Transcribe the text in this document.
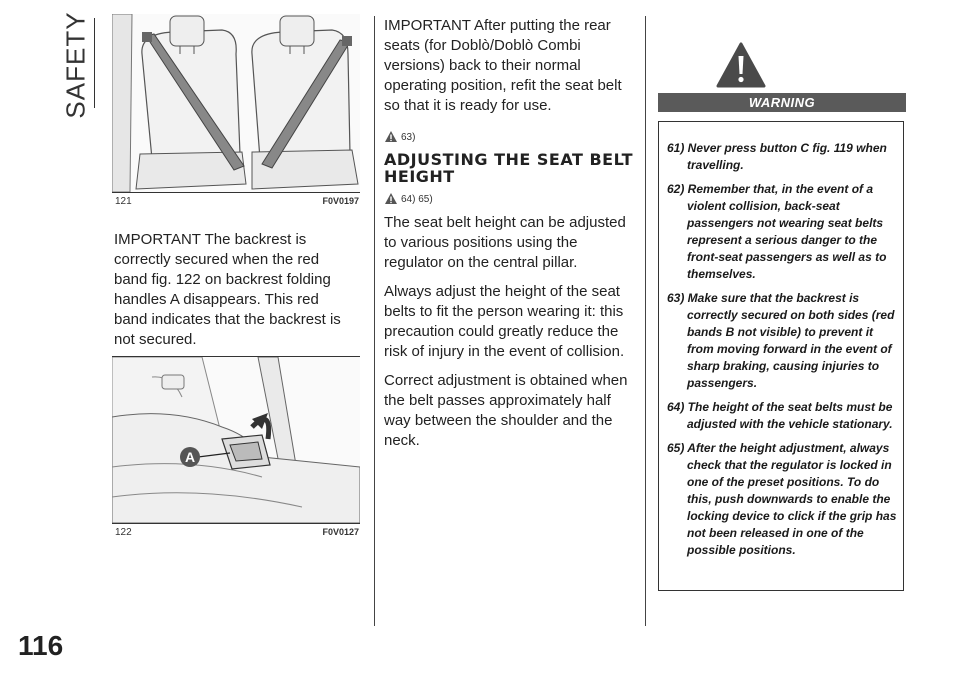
SAFETY
116
121	F0V0197

IMPORTANT The backrest is correctly secured when the red band fig. 122 on backrest folding handles A disappears. This red band indicates that the backrest is not secured.

A
122	F0V0127

IMPORTANT After putting the rear seats (for Doblò/Doblò Combi versions) back to their normal operating position, refit the seat belt so that it is ready for use.

63)
ADJUSTING THE SEAT BELT HEIGHT
64) 65)

The seat belt height can be adjusted to various positions using the regulator on the central pillar.

Always adjust the height of the seat belts to fit the person wearing it: this precaution could greatly reduce the risk of injury in the event of collision.

Correct adjustment is obtained when the belt passes approximately half way between the shoulder and the neck.

WARNING

61) Never press button C fig. 119 when travelling.

62) Remember that, in the event of a violent collision, back-seat passengers not wearing seat belts represent a serious danger to the front-seat passengers as well as to themselves.

63) Make sure that the backrest is correctly secured on both sides (red bands B not visible) to prevent it from moving forward in the event of sharp braking, causing injuries to passengers.

64) The height of the seat belts must be adjusted with the vehicle stationary.

65) After the height adjustment, always check that the regulator is locked in one of the preset positions. To do this, push downwards to enable the locking device to click if the grip has not been released in one of the possible positions.
